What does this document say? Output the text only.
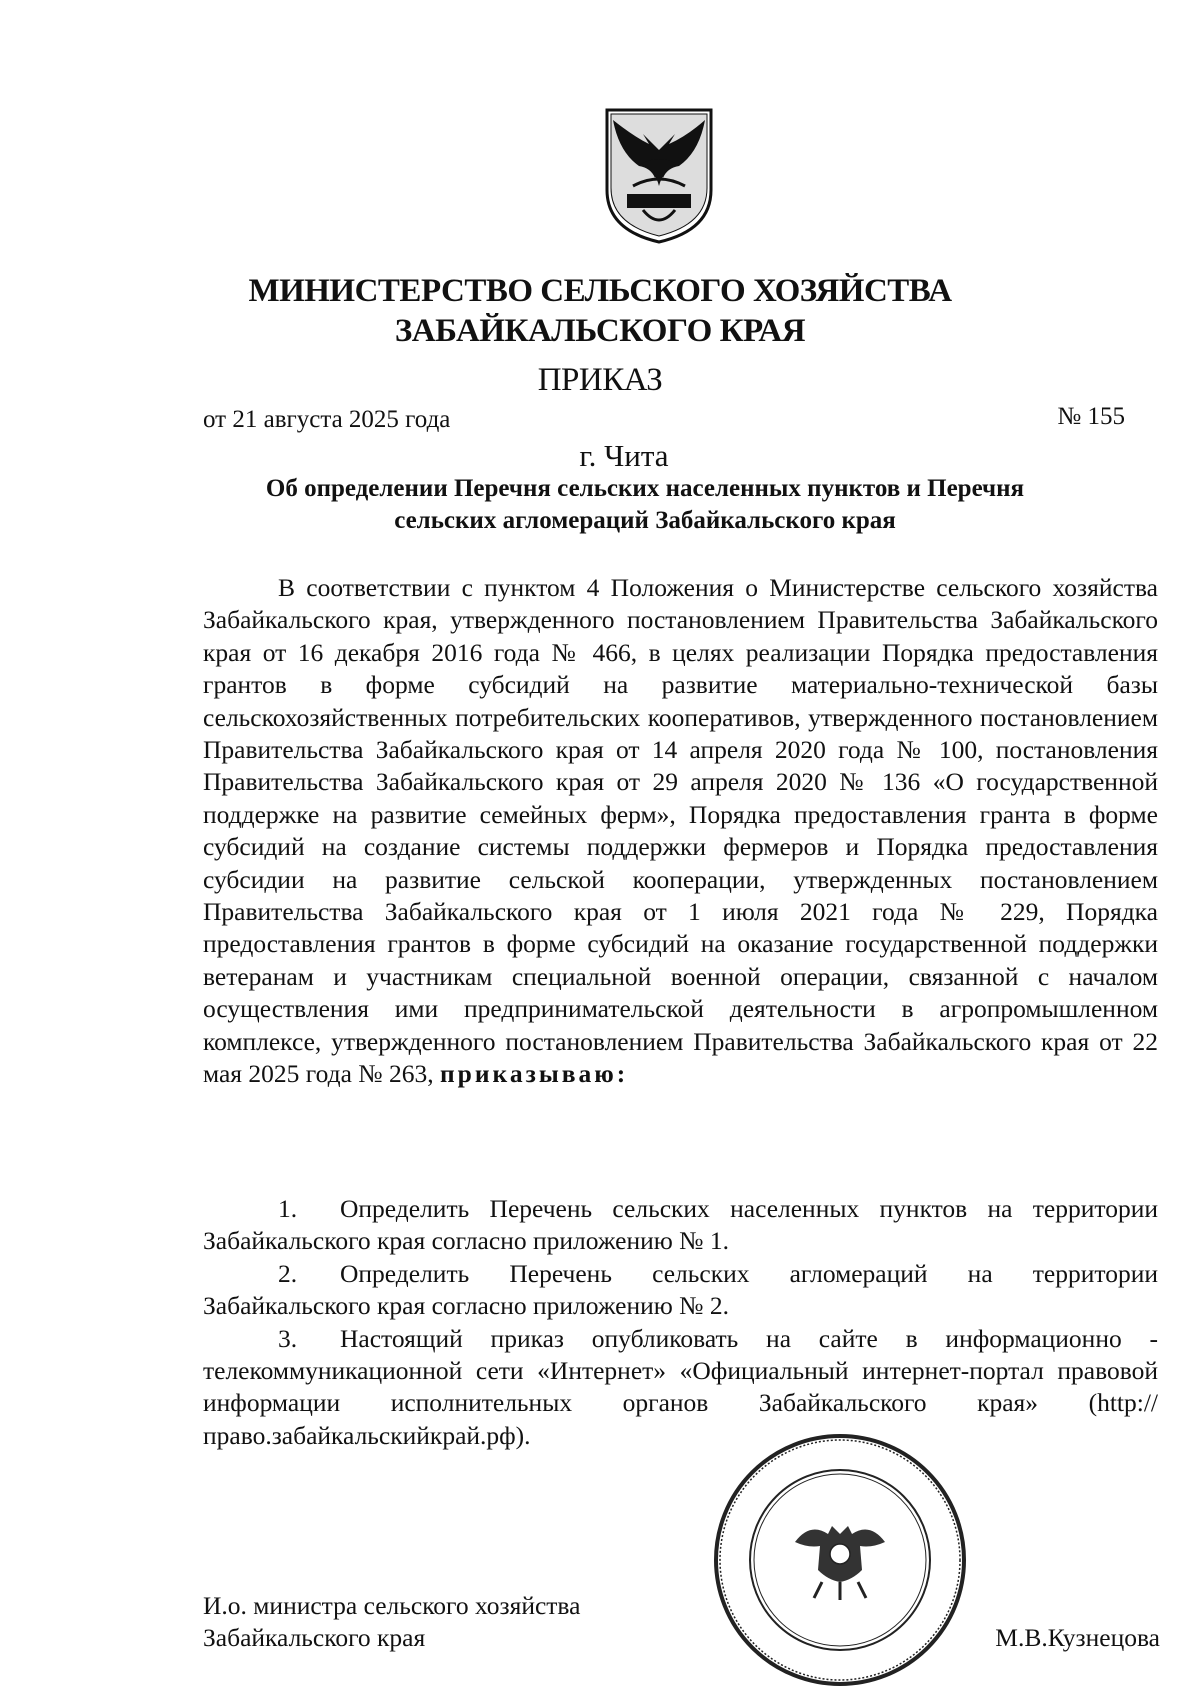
МИНИСТЕРСТВО СЕЛЬСКОГО ХОЗЯЙСТВА
ЗАБАЙКАЛЬСКОГО КРАЯ
ПРИКАЗ
от 21 августа 2025 года	№ 155
г. Чита
Об определении Перечня сельских населенных пунктов и Перечня
сельских агломераций Забайкальского края

В соответствии с пунктом 4 Положения о Министерстве сельского хозяйства Забайкальского края, утвержденного постановлением Правительства Забайкальского края от 16 декабря 2016 года № 466, в целях реализации Порядка предоставления грантов в форме субсидий на развитие материально-технической базы сельскохозяйственных потребительских кооперативов, утвержденного постановлением Правительства Забайкальского края от 14 апреля 2020 года № 100, постановления Правительства Забайкальского края от 29 апреля 2020 № 136 «О государственной поддержке на развитие семейных ферм», Порядка предоставления гранта в форме субсидий на создание системы поддержки фермеров и Порядка предоставления субсидии на развитие сельской кооперации, утвержденных постановлением Правительства Забайкальского края от 1 июля 2021 года № 229, Порядка предоставления грантов в форме субсидий на оказание государственной поддержки ветеранам и участникам специальной военной операции, связанной с началом осуществления ими предпринимательской деятельности в агропромышленном комплексе, утвержденного постановлением Правительства Забайкальского края от 22 мая 2025 года № 263, приказываю:

1. Определить Перечень сельских населенных пунктов на территории Забайкальского края согласно приложению № 1.

2. Определить Перечень сельских агломераций на территории Забайкальского края согласно приложению № 2.

3. Настоящий приказ опубликовать на сайте в информационно - телекоммуникационной сети «Интернет» «Официальный интернет-портал правовой информации исполнительных органов Забайкальского края» (http://право.забайкальскийкрай.рф).

И.о. министра сельского хозяйства
Забайкальского края	М.В.Кузнецова
